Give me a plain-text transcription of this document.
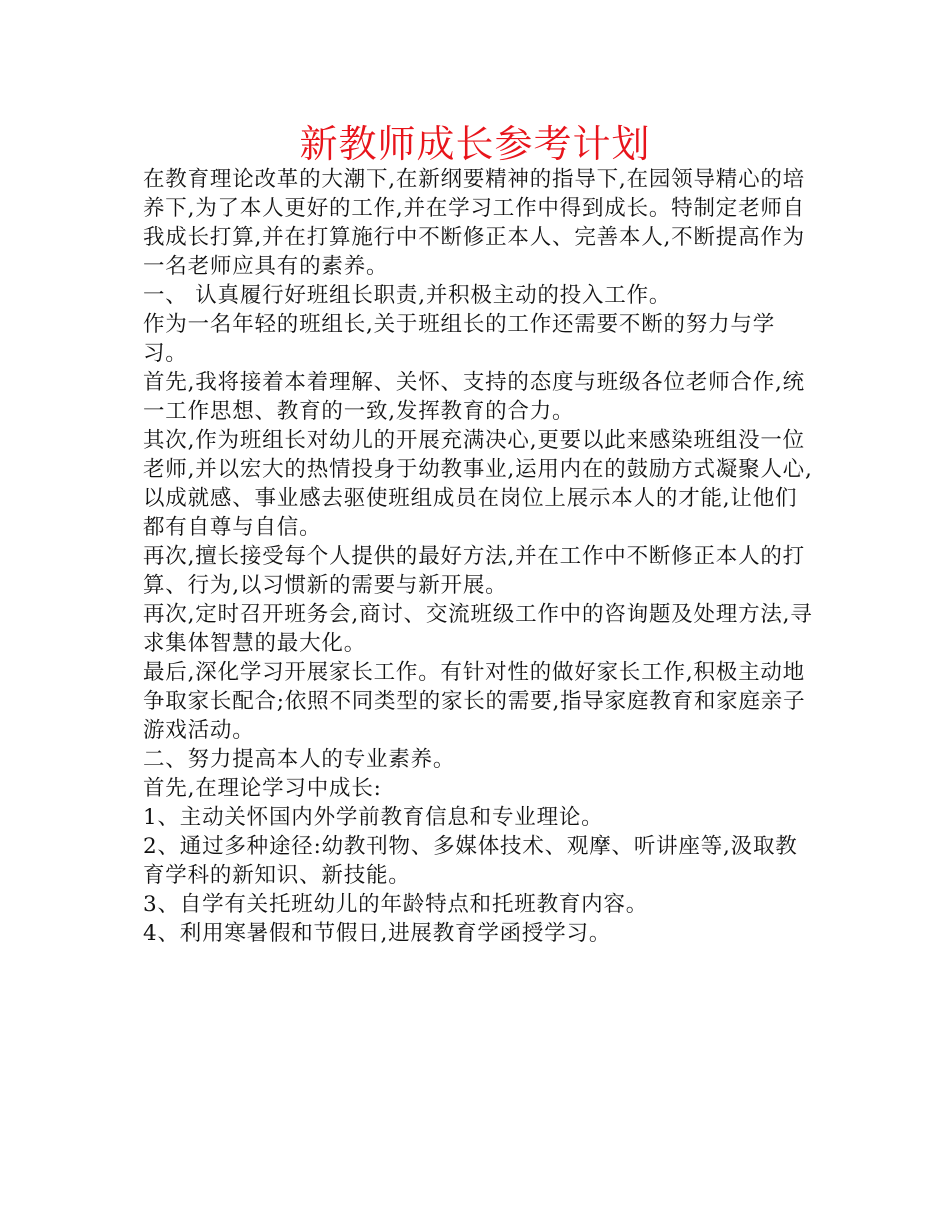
新教师成长参考计划

在教育理论改革的大潮下,在新纲要精神的指导下,在园领导精心的培养下,为了本人更好的工作,并在学习工作中得到成长。特制定老师自我成长打算,并在打算施行中不断修正本人、完善本人,不断提高作为一名老师应具有的素养。

一、 认真履行好班组长职责,并积极主动的投入工作。

作为一名年轻的班组长,关于班组长的工作还需要不断的努力与学习。

首先,我将接着本着理解、关怀、支持的态度与班级各位老师合作,统一工作思想、教育的一致,发挥教育的合力。

其次,作为班组长对幼儿的开展充满决心,更要以此来感染班组没一位老师,并以宏大的热情投身于幼教事业,运用内在的鼓励方式凝聚人心,以成就感、事业感去驱使班组成员在岗位上展示本人的才能,让他们都有自尊与自信。

再次,擅长接受每个人提供的最好方法,并在工作中不断修正本人的打算、行为,以习惯新的需要与新开展。

再次,定时召开班务会,商讨、交流班级工作中的咨询题及处理方法,寻求集体智慧的最大化。

最后,深化学习开展家长工作。有针对性的做好家长工作,积极主动地争取家长配合;依照不同类型的家长的需要,指导家庭教育和家庭亲子游戏活动。

二、努力提高本人的专业素养。

首先,在理论学习中成长:

1、主动关怀国内外学前教育信息和专业理论。

2、通过多种途径:幼教刊物、多媒体技术、观摩、听讲座等,汲取教育学科的新知识、新技能。

3、自学有关托班幼儿的年龄特点和托班教育内容。

4、利用寒暑假和节假日,进展教育学函授学习。
